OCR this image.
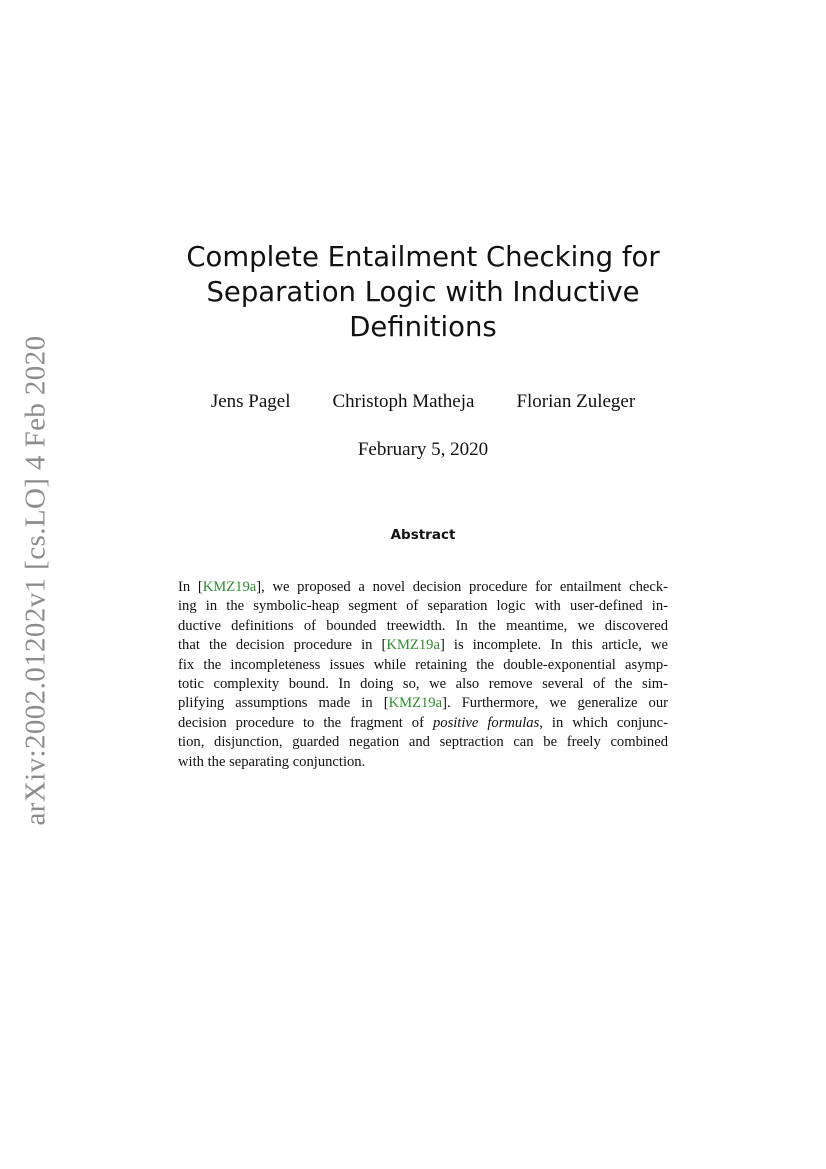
arXiv:2002.01202v1 [cs.LO] 4 Feb 2020
Complete Entailment Checking for
Separation Logic with Inductive
Definitions
Jens Pagel Christoph Matheja Florian Zuleger
February 5, 2020
Abstract
In [KMZ19a], we proposed a novel decision procedure for entailment check-
ing in the symbolic-heap segment of separation logic with user-defined in-
ductive definitions of bounded treewidth. In the meantime, we discovered
that the decision procedure in [KMZ19a] is incomplete. In this article, we
fix the incompleteness issues while retaining the double-exponential asymp-
totic complexity bound. In doing so, we also remove several of the sim-
plifying assumptions made in [KMZ19a]. Furthermore, we generalize our
decision procedure to the fragment of positive formulas, in which conjunc-
tion, disjunction, guarded negation and septraction can be freely combined
with the separating conjunction.
